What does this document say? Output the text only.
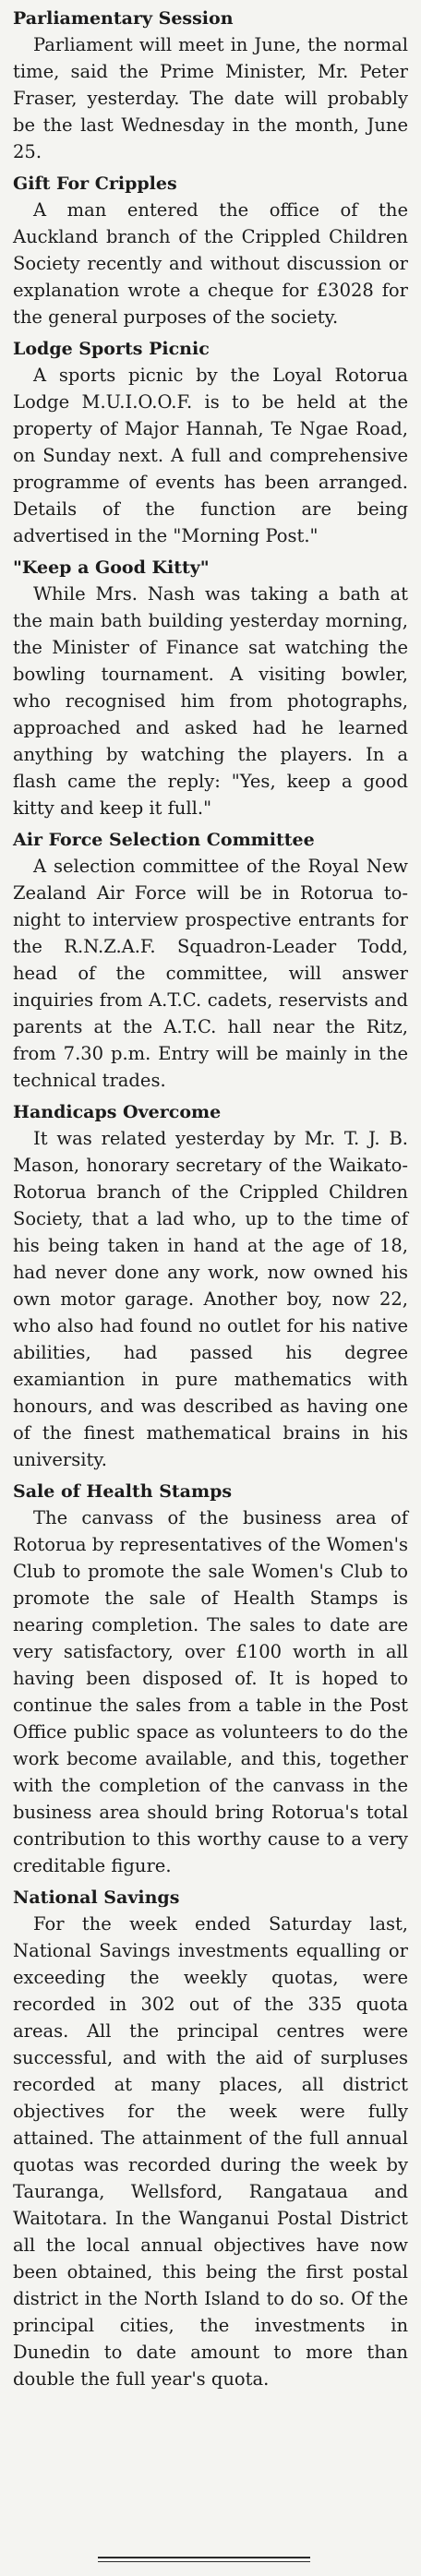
Parliamentary Session

Parliament will meet in June, the normal time, said the Prime Minister, Mr. Peter Fraser, yesterday. The date will probably be the last Wednesday in the month, June 25.

Gift For Cripples

A man entered the office of the Auckland branch of the Crippled Children Society recently and without discussion or explanation wrote a cheque for £3028 for the general purposes of the society.

Lodge Sports Picnic

A sports picnic by the Loyal Rotorua Lodge M.U.I.O.O.F. is to be held at the property of Major Hannah, Te Ngae Road, on Sunday next. A full and comprehensive programme of events has been arranged. Details of the function are being advertised in the "Morning Post."

"Keep a Good Kitty"

While Mrs. Nash was taking a bath at the main bath building yesterday morning, the Minister of Finance sat watching the bowling tournament. A visiting bowler, who recognised him from photographs, approached and asked had he learned anything by watching the players. In a flash came the reply: "Yes, keep a good kitty and keep it full."

Air Force Selection Committee

A selection committee of the Royal New Zealand Air Force will be in Rotorua to-night to interview prospective entrants for the R.N.Z.A.F. Squadron-Leader Todd, head of the committee, will answer inquiries from A.T.C. cadets, reservists and parents at the A.T.C. hall near the Ritz, from 7.30 p.m. Entry will be mainly in the technical trades.

Handicaps Overcome

It was related yesterday by Mr. T. J. B. Mason, honorary secretary of the Waikato-Rotorua branch of the Crippled Children Society, that a lad who, up to the time of his being taken in hand at the age of 18, had never done any work, now owned his own motor garage. Another boy, now 22, who also had found no outlet for his native abilities, had passed his degree examiantion in pure mathematics with honours, and was described as having one of the finest mathematical brains in his university.

Sale of Health Stamps

The canvass of the business area of Rotorua by representatives of the Women's Club to promote the sale Women's Club to promote the sale of Health Stamps is nearing completion. The sales to date are very satisfactory, over £100 worth in all having been disposed of. It is hoped to continue the sales from a table in the Post Office public space as volunteers to do the work become available, and this, together with the completion of the canvass in the business area should bring Rotorua's total contribution to this worthy cause to a very creditable figure.

National Savings

For the week ended Saturday last, National Savings investments equalling or exceeding the weekly quotas, were recorded in 302 out of the 335 quota areas. All the principal centres were successful, and with the aid of surpluses recorded at many places, all district objectives for the week were fully attained. The attainment of the full annual quotas was recorded during the week by Tauranga, Wellsford, Rangataua and Waitotara. In the Wanganui Postal District all the local annual objectives have now been obtained, this being the first postal district in the North Island to do so. Of the principal cities, the investments in Dunedin to date amount to more than double the full year's quota.
